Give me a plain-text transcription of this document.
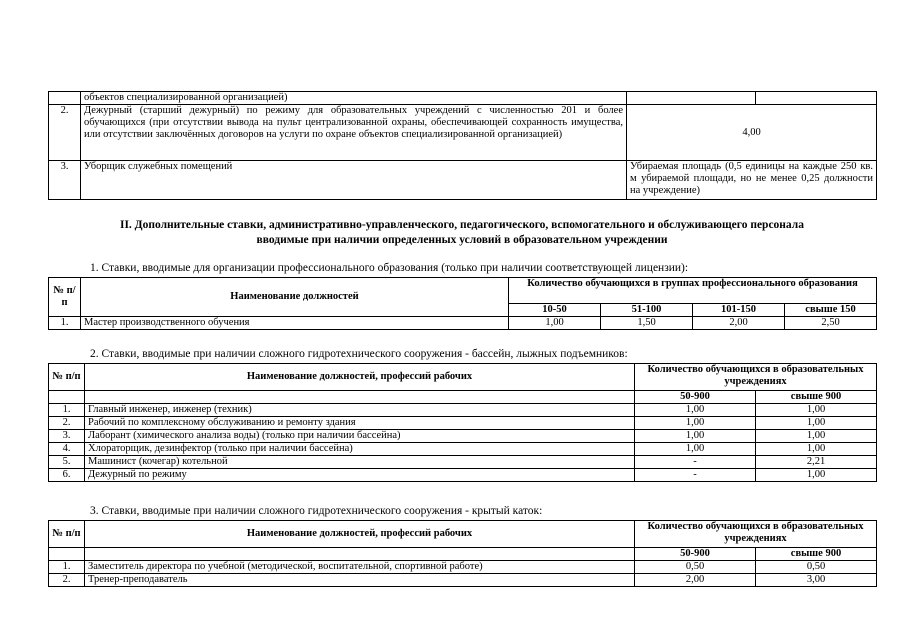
	объектов специализированной организацией)		
2.	Дежурный (старший дежурный) по режиму для образовательных учреждений с численностью 201 и более обучающихся (при отсутствии вывода на пульт централизованной охраны, обеспечивающей сохранность имущества, или отсутствии заключённых договоров на услуги по охране объектов специализированной организацией)	4,00	
3.	Уборщик служебных помещений	Убираемая площадь (0,5 единицы на каждые 250 кв. м убираемой площади, но не менее 0,25 должности на учреждение)	
II. Дополнительные ставки, административно-управленческого, педагогического, вспомогательного и обслуживающего персонала
вводимые при наличии определенных условий в образовательном учреждении
1. Ставки, вводимые для организации профессионального образования (только при наличии соответствующей лицензии):
№ п/п	Наименование должностей	Количество обучающихся в группах профессионального образования			
		10-50	51-100	101-150	свыше 150
1.	Мастер производственного обучения	1,00	1,50	2,00	2,50
2. Ставки, вводимые при наличии сложного гидротехнического сооружения - бассейн, лыжных подъемников:
№ п/п	Наименование должностей, профессий рабочих	Количество обучающихся в образовательных учреждениях	
		50-900	свыше 900
1.	Главный инженер, инженер (техник)	1,00	1,00
2.	Рабочий по комплексному обслуживанию и ремонту здания	1,00	1,00
3.	Лаборант (химического анализа воды) (только при наличии бассейна)	1,00	1,00
4.	Хлораторщик, дезинфектор (только при наличии бассейна)	1,00	1,00
5.	Машинист (кочегар) котельной	-	2,21
6.	Дежурный по режиму	-	1,00
3. Ставки, вводимые при наличии сложного гидротехнического сооружения - крытый каток:
№ п/п	Наименование должностей, профессий рабочих	Количество обучающихся в образовательных учреждениях	
		50-900	свыше 900
1.	Заместитель директора по учебной (методической, воспитательной, спортивной работе)	0,50	0,50
2.	Тренер-преподаватель	2,00	3,00
